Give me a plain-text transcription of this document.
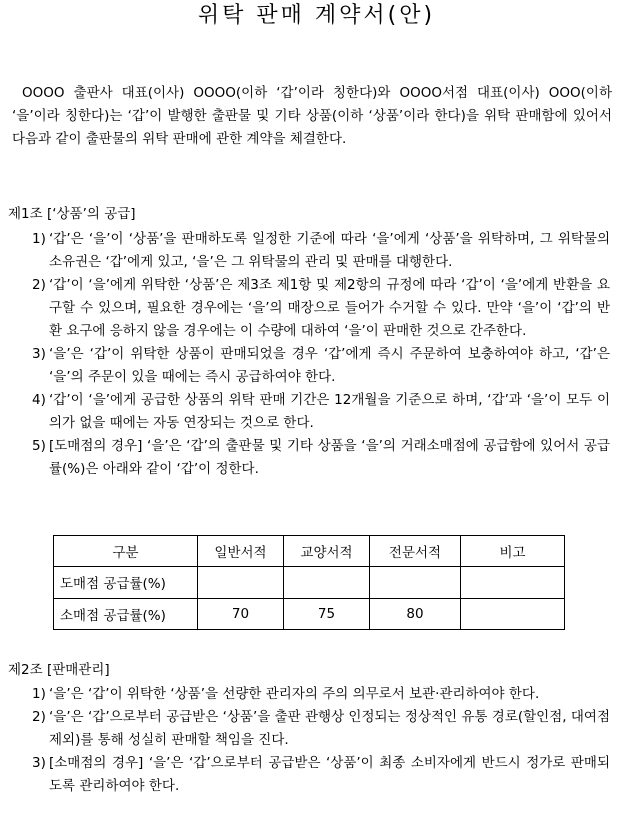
위탁 판매 계약서(안)

OOOO 출판사 대표(이사) OOOO(이하 ‘갑’이라 칭한다)와 OOOO서점 대표(이사) OOO(이하 ‘을’이라 칭한다)는 ‘갑’이 발행한 출판물 및 기타 상품(이하 ‘상품’이라 한다)을 위탁 판매함에 있어서 다음과 같이 출판물의 위탁 판매에 관한 계약을 체결한다.

제1조 [‘상품’의 공급]

1) ‘갑’은 ‘을’이 ‘상품’을 판매하도록 일정한 기준에 따라 ‘을’에게 ‘상품’을 위탁하며, 그 위탁물의 소유권은 ‘갑’에게 있고, ‘을’은 그 위탁물의 관리 및 판매를 대행한다.
2) ‘갑’이 ‘을’에게 위탁한 ‘상품’은 제3조 제1항 및 제2항의 규정에 따라 ‘갑’이 ‘을’에게 반환을 요구할 수 있으며, 필요한 경우에는 ‘을’의 매장으로 들어가 수거할 수 있다. 만약 ‘을’이 ‘갑’의 반환 요구에 응하지 않을 경우에는 이 수량에 대하여 ‘을’이 판매한 것으로 간주한다.
3) ‘을’은 ‘갑’이 위탁한 상품이 판매되었을 경우 ‘갑’에게 즉시 주문하여 보충하여야 하고, ‘갑’은 ‘을’의 주문이 있을 때에는 즉시 공급하여야 한다.
4) ‘갑’이 ‘을’에게 공급한 상품의 위탁 판매 기간은 12개월을 기준으로 하며, ‘갑’과 ‘을’이 모두 이의가 없을 때에는 자동 연장되는 것으로 한다.
5) [도매점의 경우] ‘을’은 ‘갑’의 출판물 및 기타 상품을 ‘을’의 거래소매점에 공급함에 있어서 공급률(%)은 아래와 같이 ‘갑’이 정한다.
구분	일반서적	교양서적	전문서적	비고
도매점 공급률(%)				
소매점 공급률(%)	70	75	80	

제2조 [판매관리]

1) ‘을’은 ‘갑’이 위탁한 ‘상품’을 선량한 관리자의 주의 의무로서 보관·관리하여야 한다.
2) ‘을’은 ‘갑’으로부터 공급받은 ‘상품’을 출판 관행상 인정되는 정상적인 유통 경로(할인점, 대여점 제외)를 통해 성실히 판매할 책임을 진다.
3) [소매점의 경우] ‘을’은 ‘갑’으로부터 공급받은 ‘상품’이 최종 소비자에게 반드시 정가로 판매되도록 관리하여야 한다.
